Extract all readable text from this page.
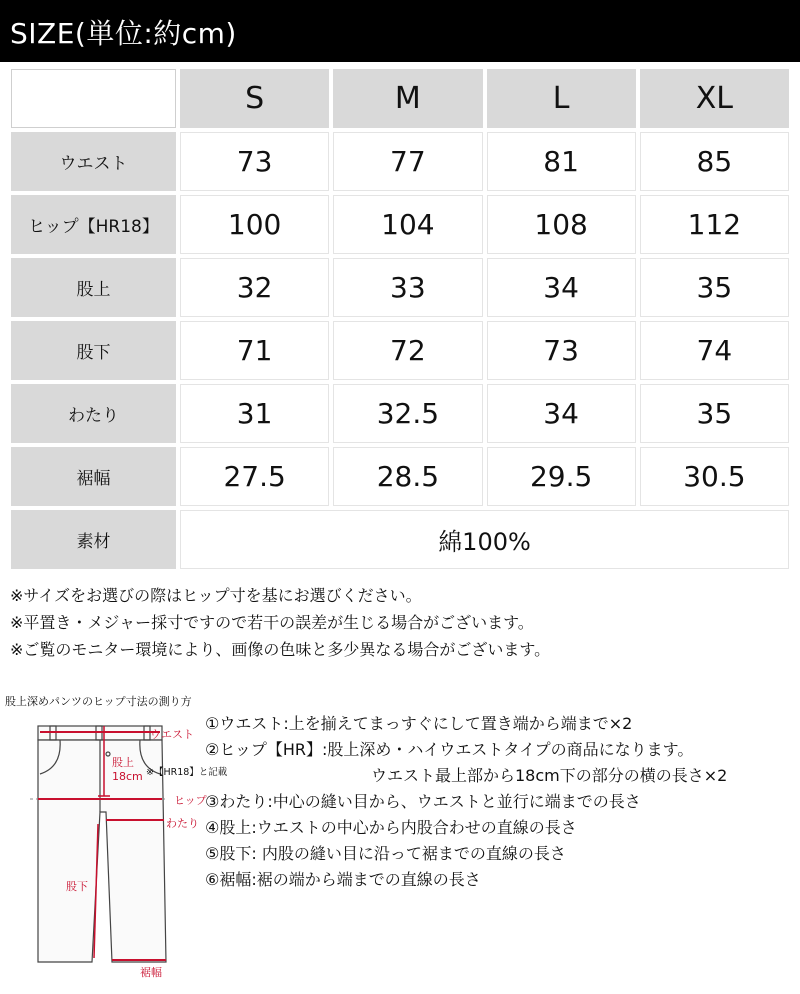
SIZE(単位:約cm)
	S	M	L	XL
ウエスト	73	77	81	85
ヒップ【HR18】	100	104	108	112
股上	32	33	34	35
股下	71	72	73	74
わたり	31	32.5	34	35
裾幅	27.5	28.5	29.5	30.5
素材	綿100%			
※サイズをお選びの際はヒップ寸を基にお選びください。
※平置き・メジャー採寸ですので若干の誤差が生じる場合がございます。
※ご覧のモニター環境により、画像の色味と多少異なる場合がございます。
股上深めパンツのヒップ寸法の測り方
ウエスト
股上
18cm ※【HR18】と記載
ヒップ
わたり
股下
裾幅
①ウエスト:上を揃えてまっすぐにして置き端から端まで×2
②ヒップ【HR】:股上深め・ハイウエストタイプの商品になります。
ウエスト最上部から18cm下の部分の横の長さ×2
③わたり:中心の縫い目から、ウエストと並行に端までの長さ
④股上:ウエストの中心から内股合わせの直線の長さ
⑤股下: 内股の縫い目に沿って裾までの直線の長さ
⑥裾幅:裾の端から端までの直線の長さ
